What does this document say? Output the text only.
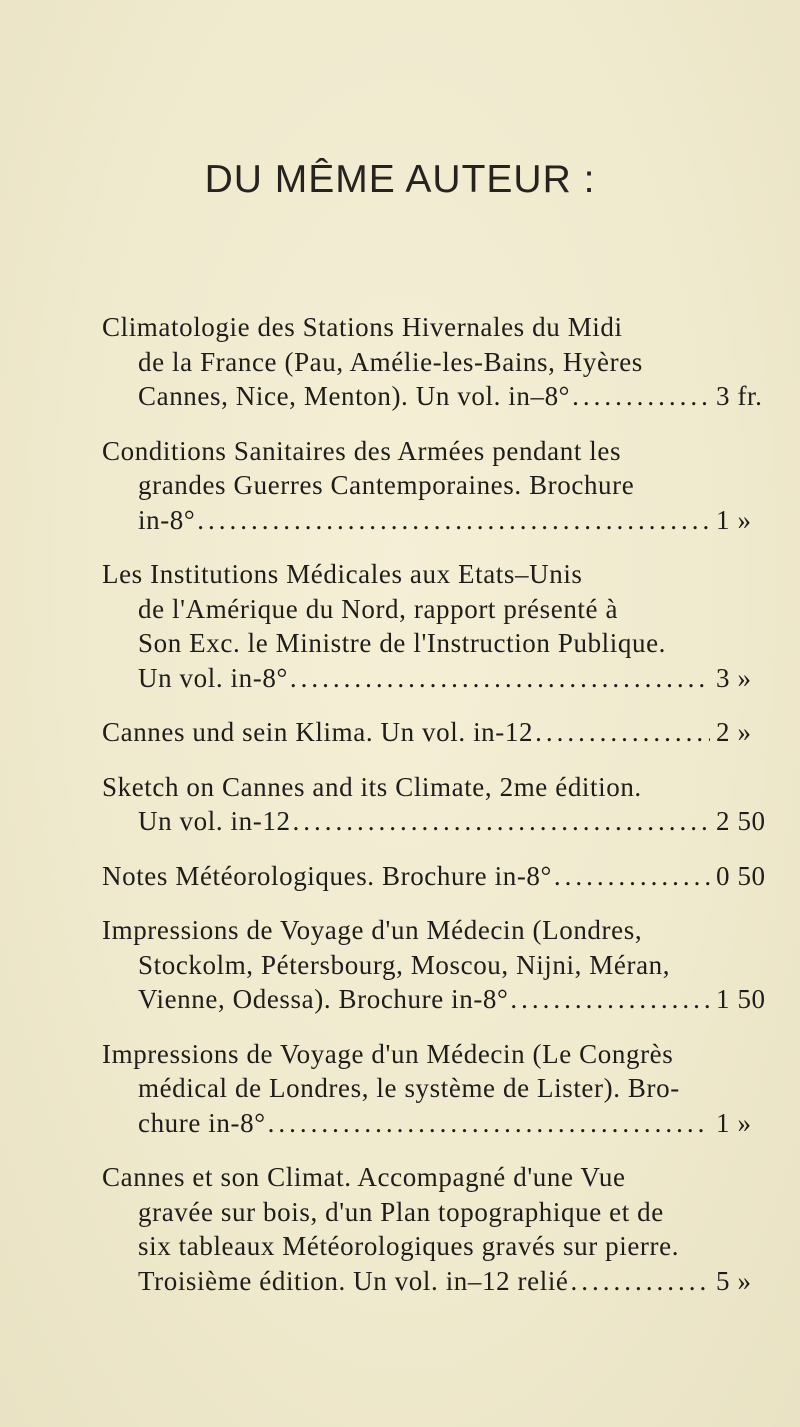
DU MÊME AUTEUR :
Climatologie des Stations Hivernales du Midi
de la France (Pau, Amélie-les-Bains, Hyères
Cannes, Nice, Menton). Un vol. in–8° .....	3 fr.
Conditions Sanitaires des Armées pendant les
grandes Guerres Cantemporaines. Brochure
in-8° .....	1 »
Les Institutions Médicales aux Etats–Unis
de l'Amérique du Nord, rapport présenté à
Son Exc. le Ministre de l'Instruction Publique.
Un vol. in-8° .....	3 »
Cannes und sein Klima. Un vol. in-12 .....	2 »
Sketch on Cannes and its Climate, 2me édition.
Un vol. in-12 .....	2 50
Notes Météorologiques. Brochure in-8° .....	0 50
Impressions de Voyage d'un Médecin (Londres,
Stockolm, Pétersbourg, Moscou, Nijni, Méran,
Vienne, Odessa). Brochure in-8° .....	1 50
Impressions de Voyage d'un Médecin (Le Congrès
médical de Londres, le système de Lister). Bro-
chure in-8° .....	1 »
Cannes et son Climat. Accompagné d'une Vue
gravée sur bois, d'un Plan topographique et de
six tableaux Météorologiques gravés sur pierre.
Troisième édition. Un vol. in–12 relié .....	5 »
